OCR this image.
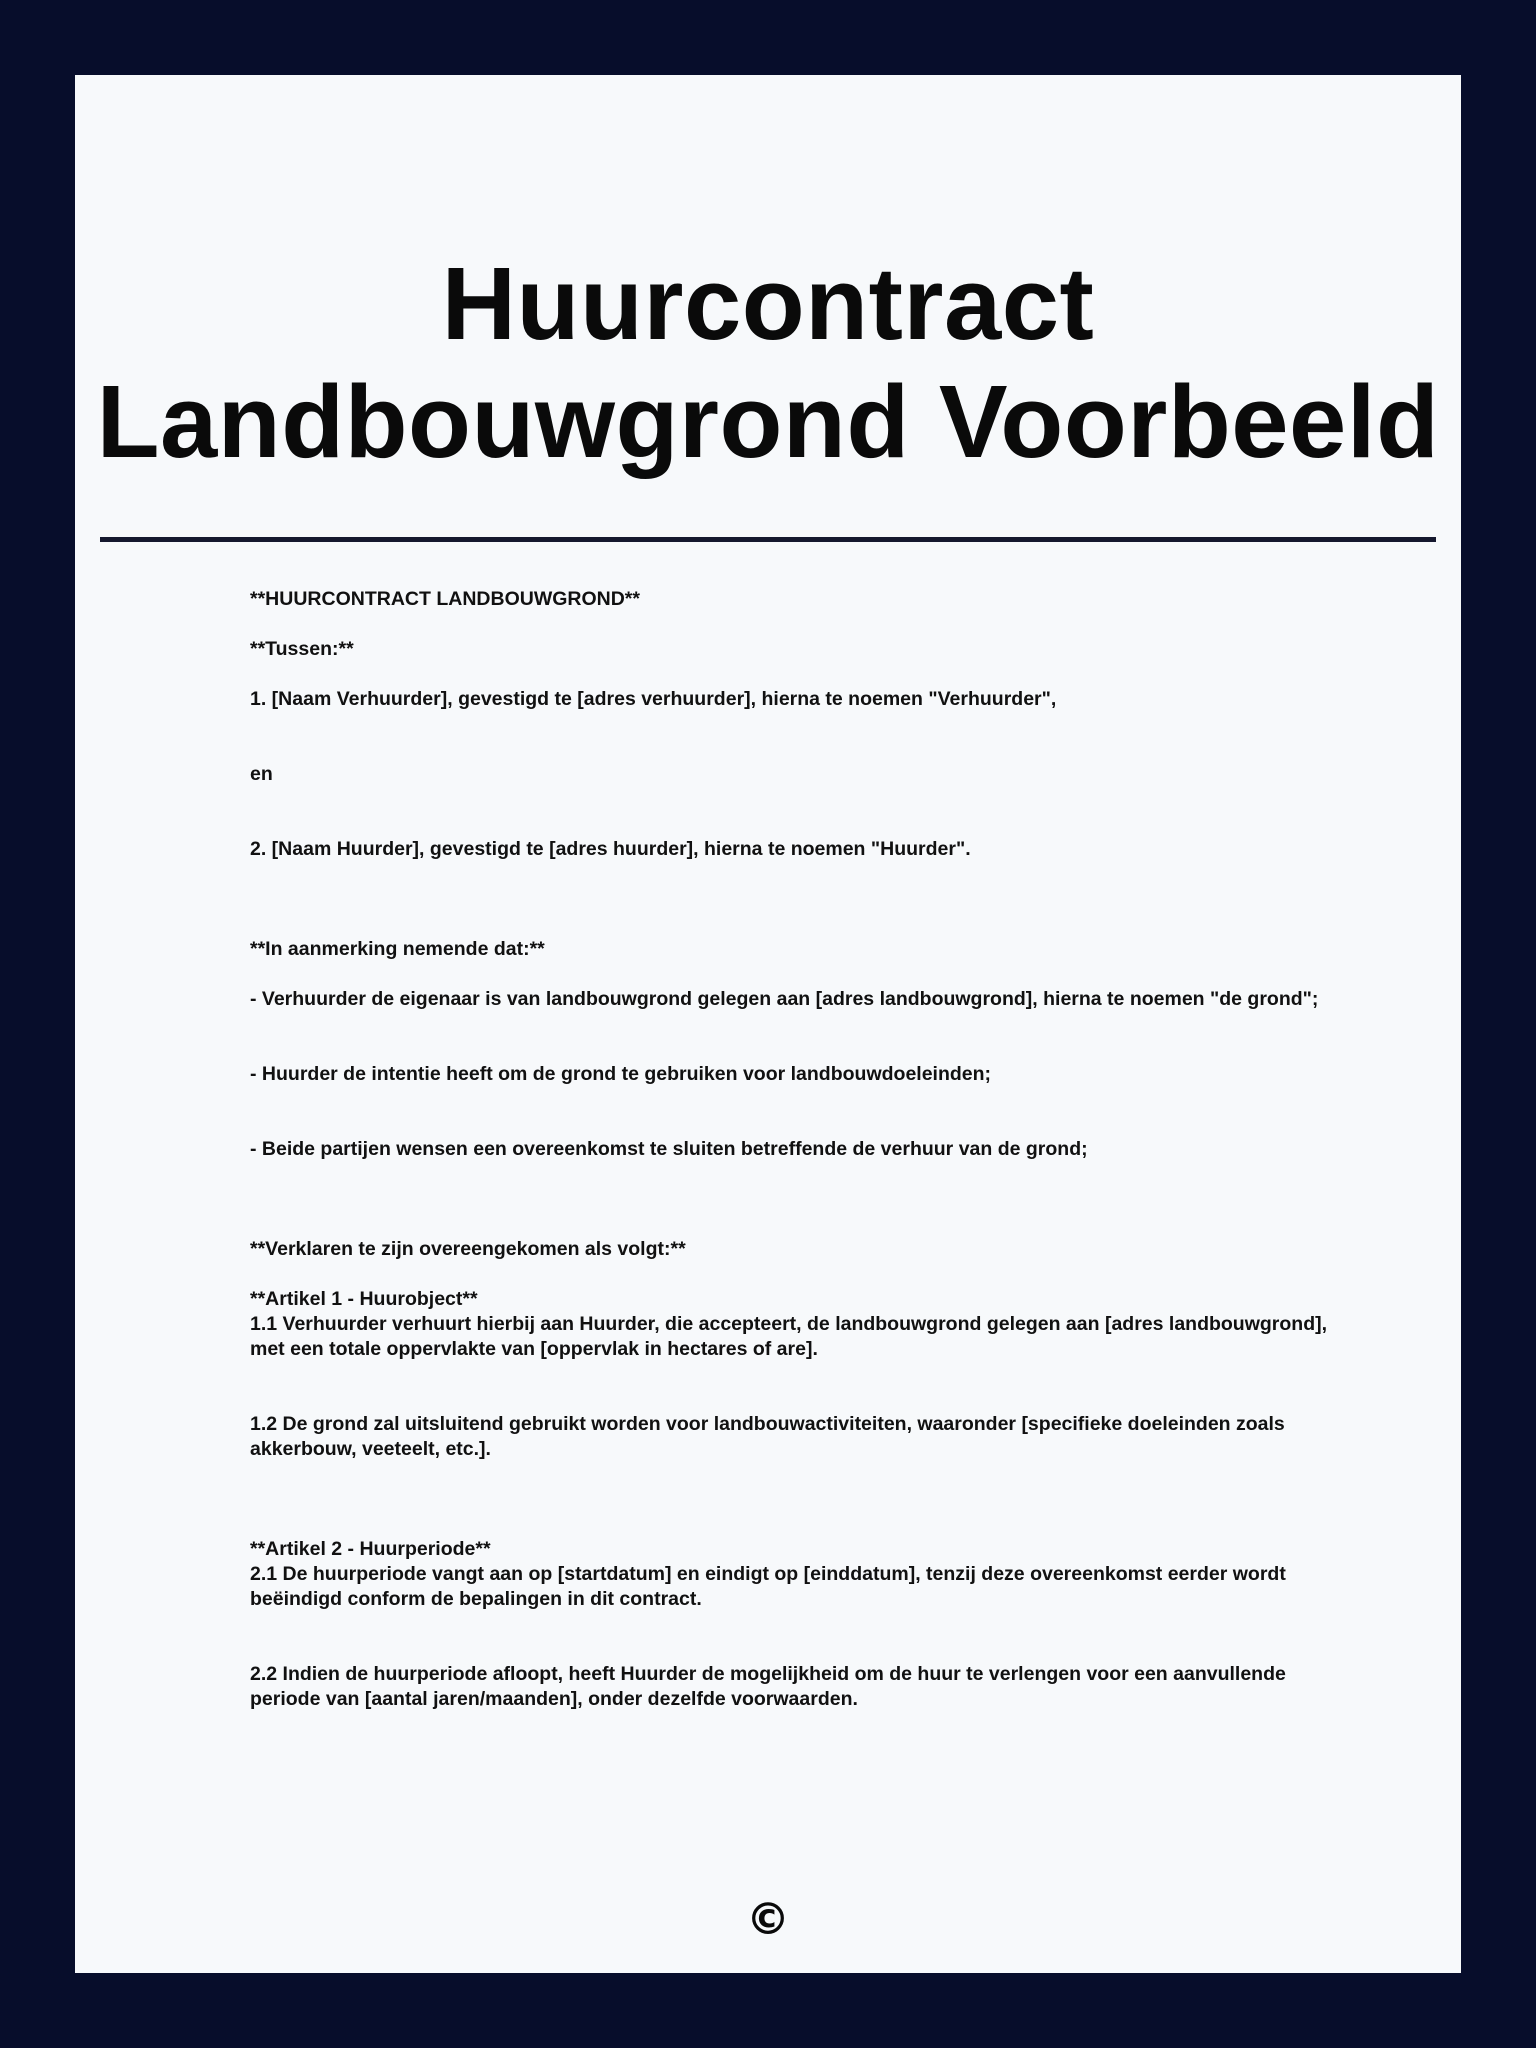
Huurcontract
Landbouwgrond Voorbeeld

**HUURCONTRACT LANDBOUWGROND**

**Tussen:**

1. [Naam Verhuurder], gevestigd te [adres verhuurder], hierna te noemen "Verhuurder",

en

2. [Naam Huurder], gevestigd te [adres huurder], hierna te noemen "Huurder".

**In aanmerking nemende dat:**

- Verhuurder de eigenaar is van landbouwgrond gelegen aan [adres landbouwgrond], hierna te noemen "de grond";

- Huurder de intentie heeft om de grond te gebruiken voor landbouwdoeleinden;

- Beide partijen wensen een overeenkomst te sluiten betreffende de verhuur van de grond;

**Verklaren te zijn overeengekomen als volgt:**

**Artikel 1 - Huurobject**
1.1 Verhuurder verhuurt hierbij aan Huurder, die accepteert, de landbouwgrond gelegen aan [adres landbouwgrond], met een totale oppervlakte van [oppervlak in hectares of are].

1.2 De grond zal uitsluitend gebruikt worden voor landbouwactiviteiten, waaronder [specifieke doeleinden zoals akkerbouw, veeteelt, etc.].

**Artikel 2 - Huurperiode**
2.1 De huurperiode vangt aan op [startdatum] en eindigt op [einddatum], tenzij deze overeenkomst eerder wordt beëindigd conform de bepalingen in dit contract.

2.2 Indien de huurperiode afloopt, heeft Huurder de mogelijkheid om de huur te verlengen voor een aanvullende periode van [aantal jaren/maanden], onder dezelfde voorwaarden.

©
